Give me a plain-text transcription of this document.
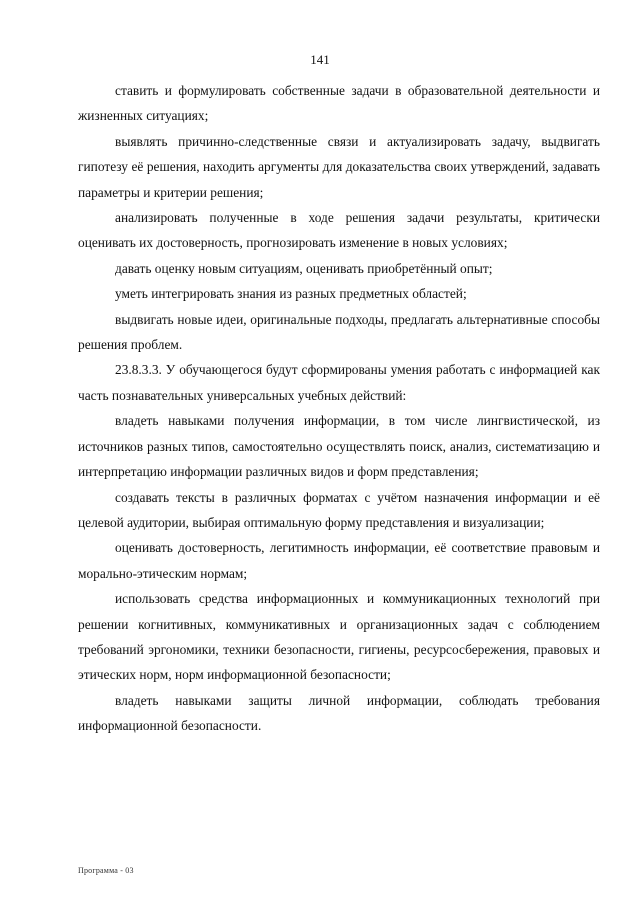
141

ставить и формулировать собственные задачи в образовательной деятельности и жизненных ситуациях;

выявлять причинно-следственные связи и актуализировать задачу, выдвигать гипотезу её решения, находить аргументы для доказательства своих утверждений, задавать параметры и критерии решения;

анализировать полученные в ходе решения задачи результаты, критически оценивать их достоверность, прогнозировать изменение в новых условиях;

давать оценку новым ситуациям, оценивать приобретённый опыт;

уметь интегрировать знания из разных предметных областей;

выдвигать новые идеи, оригинальные подходы, предлагать альтернативные способы решения проблем.

23.8.3.3. У обучающегося будут сформированы умения работать с информацией как часть познавательных универсальных учебных действий:

владеть навыками получения информации, в том числе лингвистической, из источников разных типов, самостоятельно осуществлять поиск, анализ, систематизацию и интерпретацию информации различных видов и форм представления;

создавать тексты в различных форматах с учётом назначения информации и её целевой аудитории, выбирая оптимальную форму представления и визуализации;

оценивать достоверность, легитимность информации, её соответствие правовым и морально-этическим нормам;

использовать средства информационных и коммуникационных технологий при решении когнитивных, коммуникативных и организационных задач с соблюдением требований эргономики, техники безопасности, гигиены, ресурсосбережения, правовых и этических норм, норм информационной безопасности;

владеть навыками защиты личной информации, соблюдать требования информационной безопасности.

Программа - 03
